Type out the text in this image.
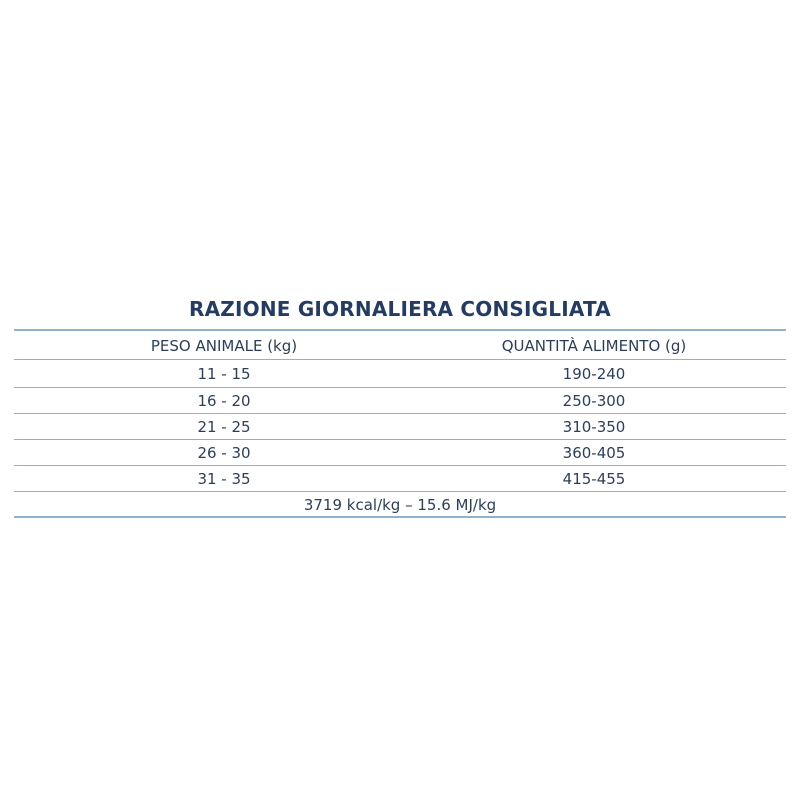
RAZIONE GIORNALIERA CONSIGLIATA
PESO ANIMALE (kg)	QUANTITÀ ALIMENTO (g)
11 - 15	190-240
16 - 20	250-300
21 - 25	310-350
26 - 30	360-405
31 - 35	415-455
3719 kcal/kg – 15.6 MJ/kg
